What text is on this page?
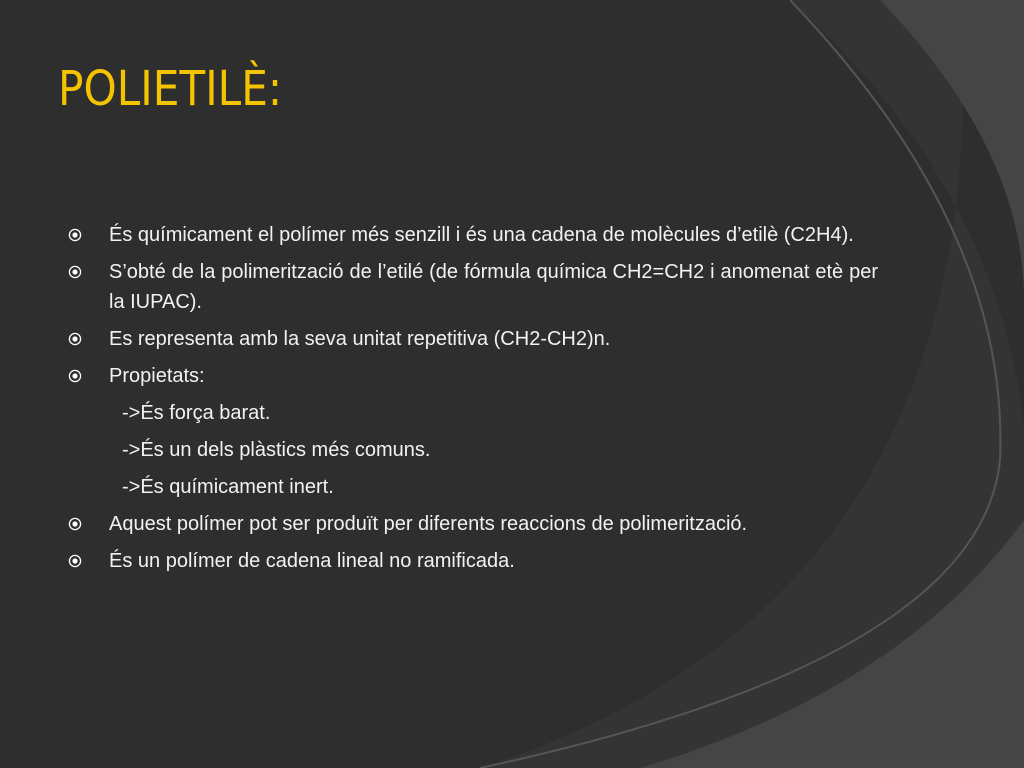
POLIETILÈ:
És químicament el polímer més senzill i és una cadena de molècules d’etilè (C2H4).
S’obté de la polimerització de l’etilé (de fórmula química CH2=CH2 i anomenat etè per la IUPAC).
Es representa amb la seva unitat repetitiva (CH2-CH2)n.
Propietats:
->És força barat.
->És un dels plàstics més comuns.
->És químicament inert.
Aquest polímer pot ser produït per diferents reaccions de polimerització.
És un polímer de cadena lineal no ramificada.
